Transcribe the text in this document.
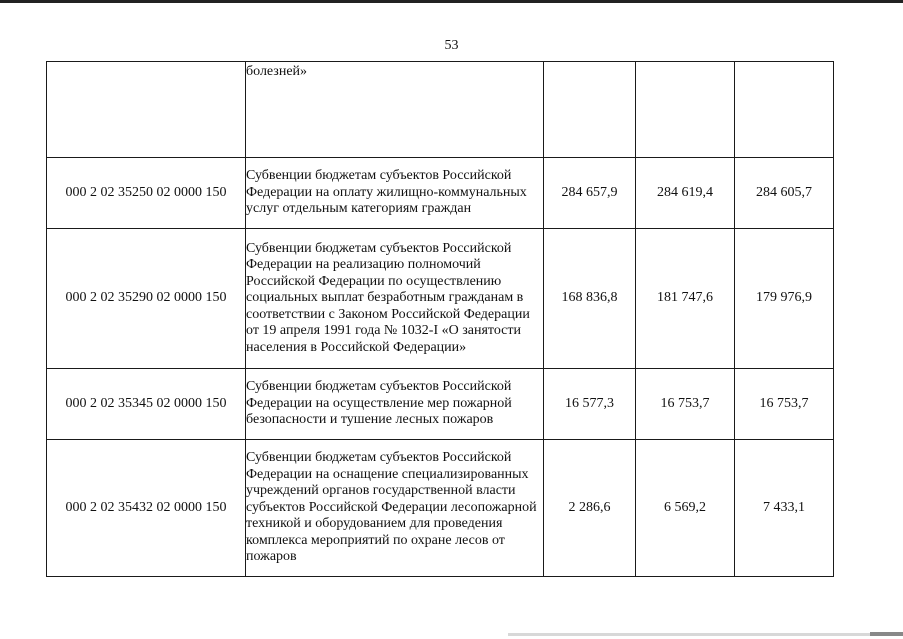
53
	болезней»			
000 2 02 35250 02 0000 150	Субвенции бюджетам субъектов Российской Федерации на оплату жилищно-коммунальных услуг отдельным категориям граждан	284 657,9	284 619,4	284 605,7
000 2 02 35290 02 0000 150	Субвенции бюджетам субъектов Российской Федерации на реализацию полномочий Российской Федерации по осуществлению социальных выплат безработным гражданам в соответствии с Законом Российской Федерации от 19 апреля 1991 года № 1032-I «О занятости населения в Российской Федерации»	168 836,8	181 747,6	179 976,9
000 2 02 35345 02 0000 150	Субвенции бюджетам субъектов Российской Федерации на осуществление мер пожарной безопасности и тушение лесных пожаров	16 577,3	16 753,7	16 753,7
000 2 02 35432 02 0000 150	Субвенции бюджетам субъектов Российской Федерации на оснащение специализированных учреждений органов государственной власти субъектов Российской Федерации лесопожарной техникой и оборудованием для проведения комплекса мероприятий по охране лесов от пожаров	2 286,6	6 569,2	7 433,1
